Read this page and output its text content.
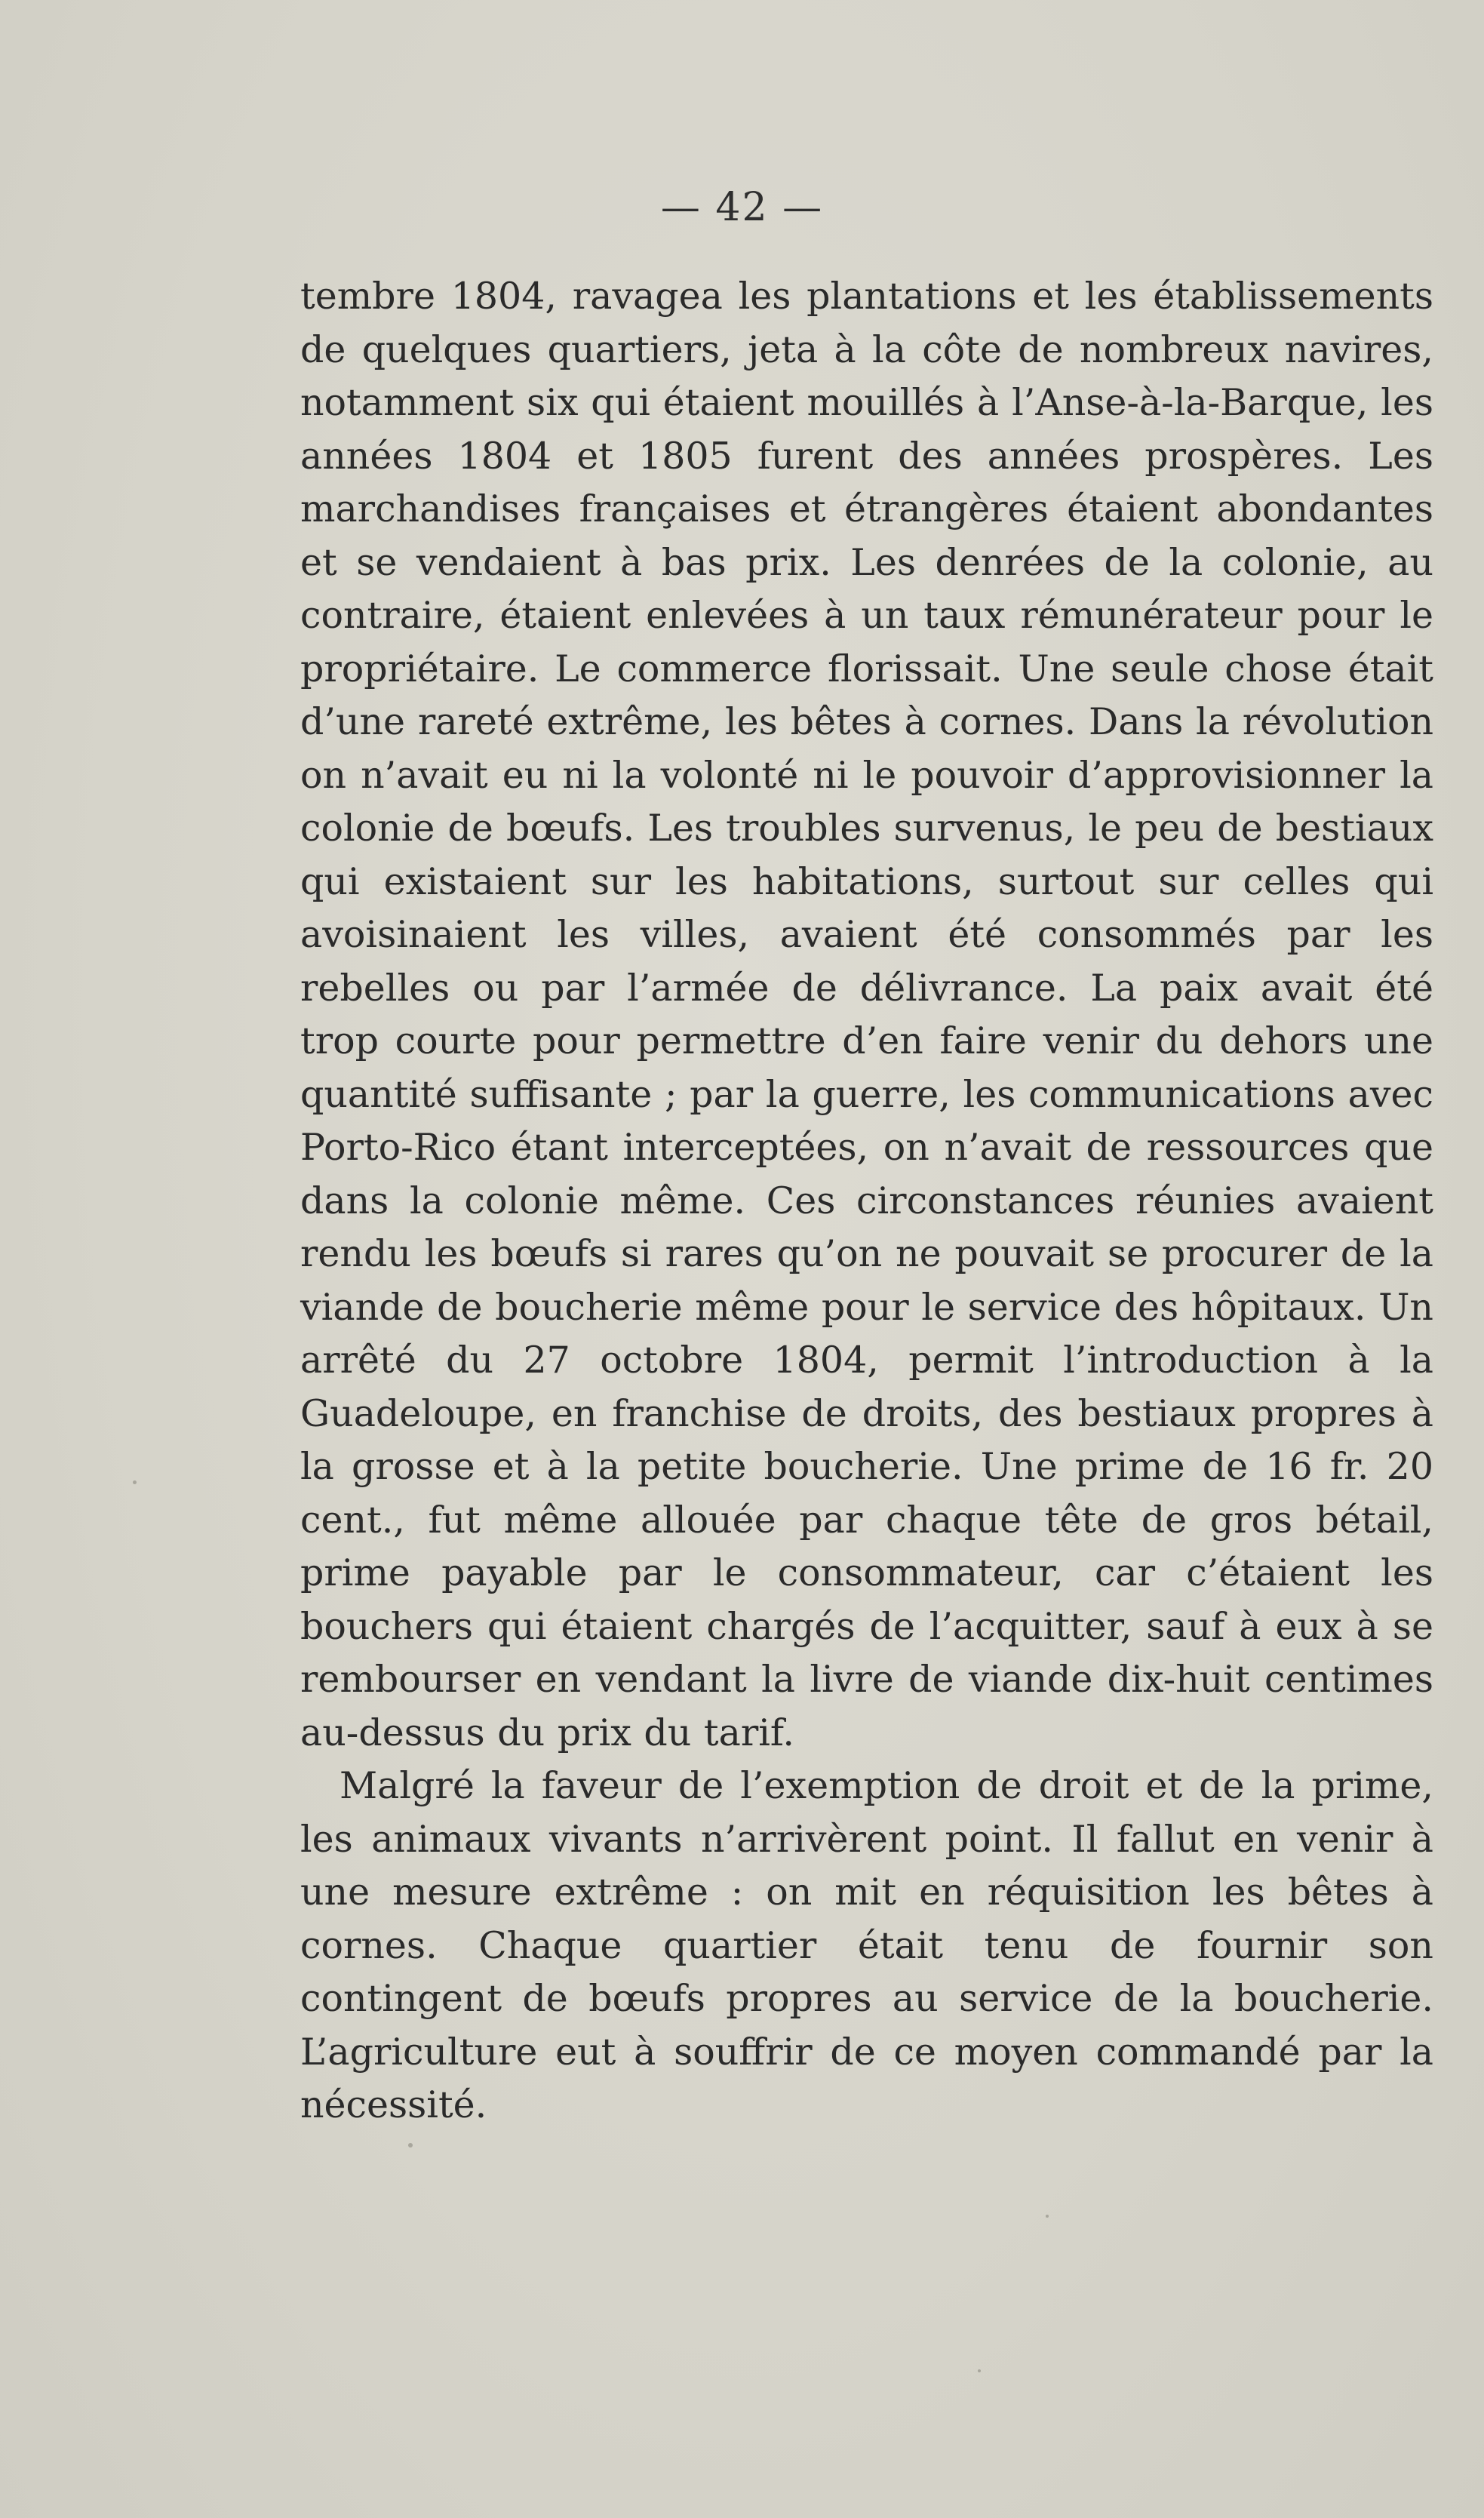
— 42 —

tembre 1804, ravagea les plantations et les établissements de quelques quartiers, jeta à la côte de nombreux navires, notamment six qui étaient mouillés à l’Anse-à-la-Barque, les années 1804 et 1805 furent des années prospères. Les marchandises françaises et étrangères étaient abondantes et se vendaient à bas prix. Les denrées de la colonie, au contraire, étaient enlevées à un taux rémunérateur pour le propriétaire. Le commerce florissait. Une seule chose était d’une rareté extrême, les bêtes à cornes. Dans la révolution on n’avait eu ni la volonté ni le pouvoir d’approvisionner la colonie de bœufs. Les troubles survenus, le peu de bestiaux qui existaient sur les habitations, surtout sur celles qui avoisinaient les villes, avaient été consommés par les rebelles ou par l’armée de délivrance. La paix avait été trop courte pour permettre d’en faire venir du dehors une quantité suffisante ; par la guerre, les communications avec Porto-Rico étant interceptées, on n’avait de ressources que dans la colonie même. Ces circonstances réunies avaient rendu les bœufs si rares qu’on ne pouvait se procurer de la viande de boucherie même pour le service des hôpitaux. Un arrêté du 27 octobre 1804, permit l’introduction à la Guadeloupe, en franchise de droits, des bestiaux propres à la grosse et à la petite boucherie. Une prime de 16 fr. 20 cent., fut même allouée par chaque tête de gros bétail, prime payable par le consommateur, car c’étaient les bouchers qui étaient chargés de l’acquitter, sauf à eux à se rembourser en vendant la livre de viande dix-huit centimes au-dessus du prix du tarif.

Malgré la faveur de l’exemption de droit et de la prime, les animaux vivants n’arrivèrent point. Il fallut en venir à une mesure extrême : on mit en réquisition les bêtes à cornes. Chaque quartier était tenu de fournir son contingent de bœufs propres au service de la boucherie. L’agriculture eut à souffrir de ce moyen commandé par la nécessité.
